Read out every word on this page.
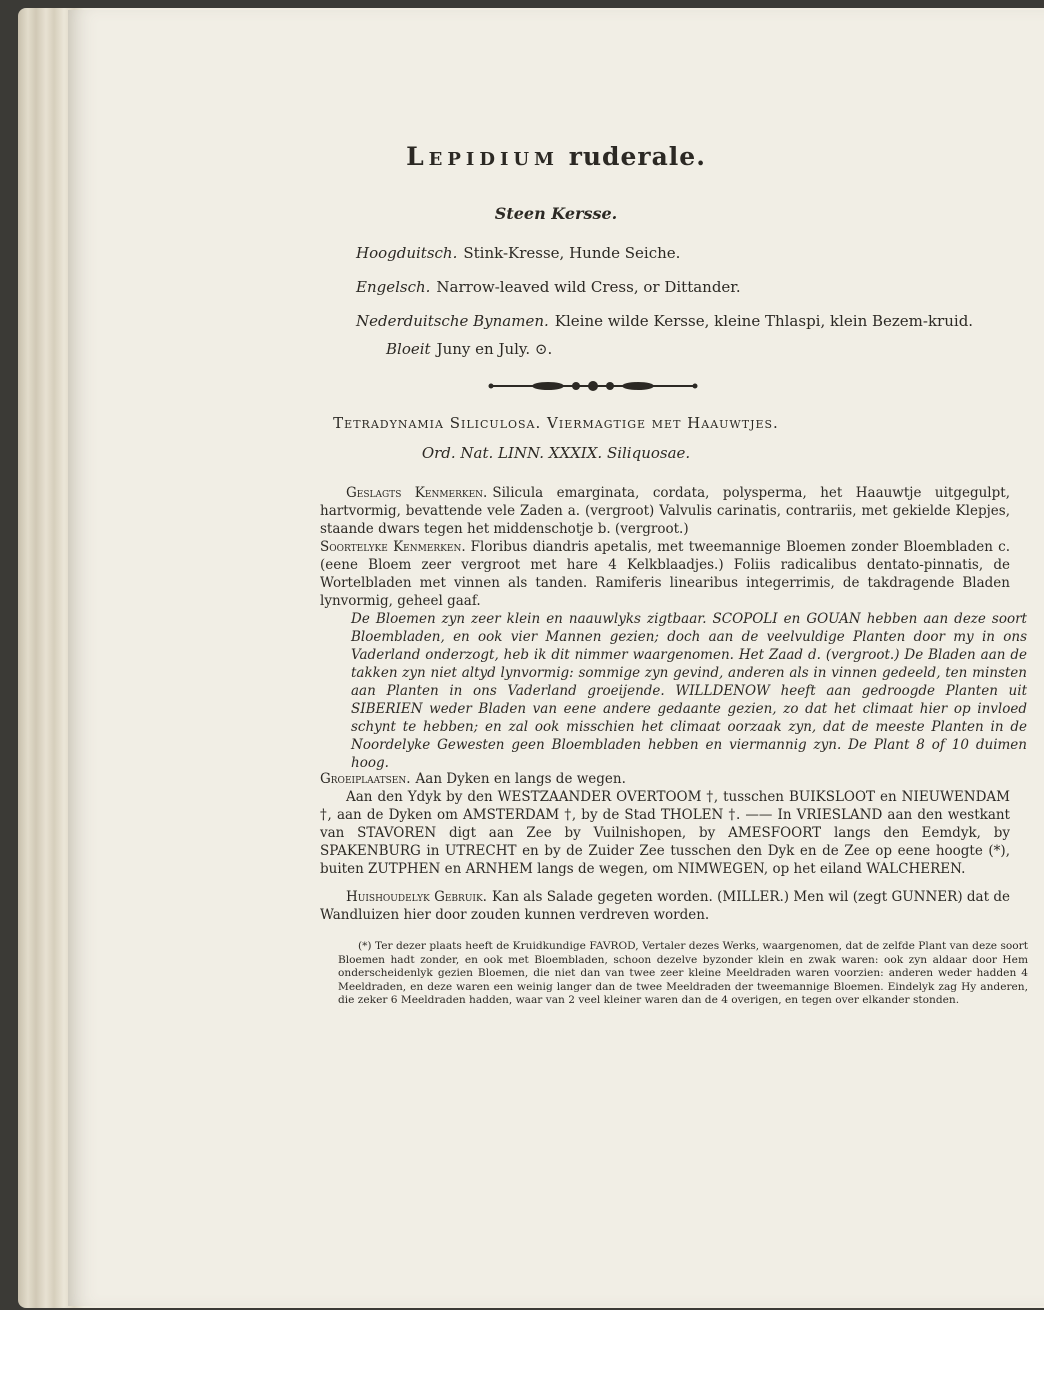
Lepidium ruderale.

Steen Kersse.

Hoogduitsch. Stink-Kresse, Hunde Seiche.

Engelsch. Narrow-leaved wild Cress, or Dittander.

Nederduitsche Bynamen. Kleine wilde Kersse, kleine Thlaspi, klein Bezem-kruid.

Bloeit Juny en July. ⊙.

Tetradynamia Siliculosa. Viermagtige met Haauwtjes.

Ord. Nat. LINN. XXXIX. Siliquosae.

Geslagts Kenmerken. Silicula emarginata, cordata, polysperma, het Haauwtje uitgegulpt, hartvormig, bevattende vele Zaden a. (vergroot) Valvulis carinatis, contrariis, met gekielde Klepjes, staande dwars tegen het middenschotje b. (vergroot.)

Soortelyke Kenmerken. Floribus diandris apetalis, met tweemannige Bloemen zonder Bloembladen c. (eene Bloem zeer vergroot met hare 4 Kelkblaadjes.) Foliis radicalibus dentato-pinnatis, de Wortelbladen met vinnen als tanden. Ramiferis linearibus integerrimis, de takdragende Bladen lynvormig, geheel gaaf.

De Bloemen zyn zeer klein en naauwlyks zigtbaar. SCOPOLI en GOUAN hebben aan deze soort Bloembladen, en ook vier Mannen gezien; doch aan de veelvuldige Planten door my in ons Vaderland onderzogt, heb ik dit nimmer waargenomen. Het Zaad d. (vergroot.) De Bladen aan de takken zyn niet altyd lynvormig: sommige zyn gevind, anderen als in vinnen gedeeld, ten minsten aan Planten in ons Vaderland groeijende. WILLDENOW heeft aan gedroogde Planten uit SIBERIEN weder Bladen van eene andere gedaante gezien, zo dat het climaat hier op invloed schynt te hebben; en zal ook misschien het climaat oorzaak zyn, dat de meeste Planten in de Noordelyke Gewesten geen Bloembladen hebben en viermannig zyn. De Plant 8 of 10 duimen hoog.

Groeiplaatsen. Aan Dyken en langs de wegen.

Aan den Ydyk by den WESTZAANDER OVERTOOM †, tusschen BUIKSLOOT en NIEUWENDAM †, aan de Dyken om AMSTERDAM †, by de Stad THOLEN †. —— In VRIESLAND aan den westkant van STAVOREN digt aan Zee by Vuilnishopen, by AMESFOORT langs den Eemdyk, by SPAKENBURG in UTRECHT en by de Zuider Zee tusschen den Dyk en de Zee op eene hoogte (*), buiten ZUTPHEN en ARNHEM langs de wegen, om NIMWEGEN, op het eiland WALCHEREN.

Huishoudelyk Gebruik. Kan als Salade gegeten worden. (MILLER.) Men wil (zegt GUNNER) dat de Wandluizen hier door zouden kunnen verdreven worden.

(*) Ter dezer plaats heeft de Kruidkundige FAVROD, Vertaler dezes Werks, waargenomen, dat de zelfde Plant van deze soort Bloemen hadt zonder, en ook met Bloembladen, schoon dezelve byzonder klein en zwak waren: ook zyn aldaar door Hem onderscheidenlyk gezien Bloemen, die niet dan van twee zeer kleine Meeldraden waren voorzien: anderen weder hadden 4 Meeldraden, en deze waren een weinig langer dan de twee Meeldraden der tweemannige Bloemen. Eindelyk zag Hy anderen, die zeker 6 Meeldraden hadden, waar van 2 veel kleiner waren dan de 4 overigen, en tegen over elkander stonden.
